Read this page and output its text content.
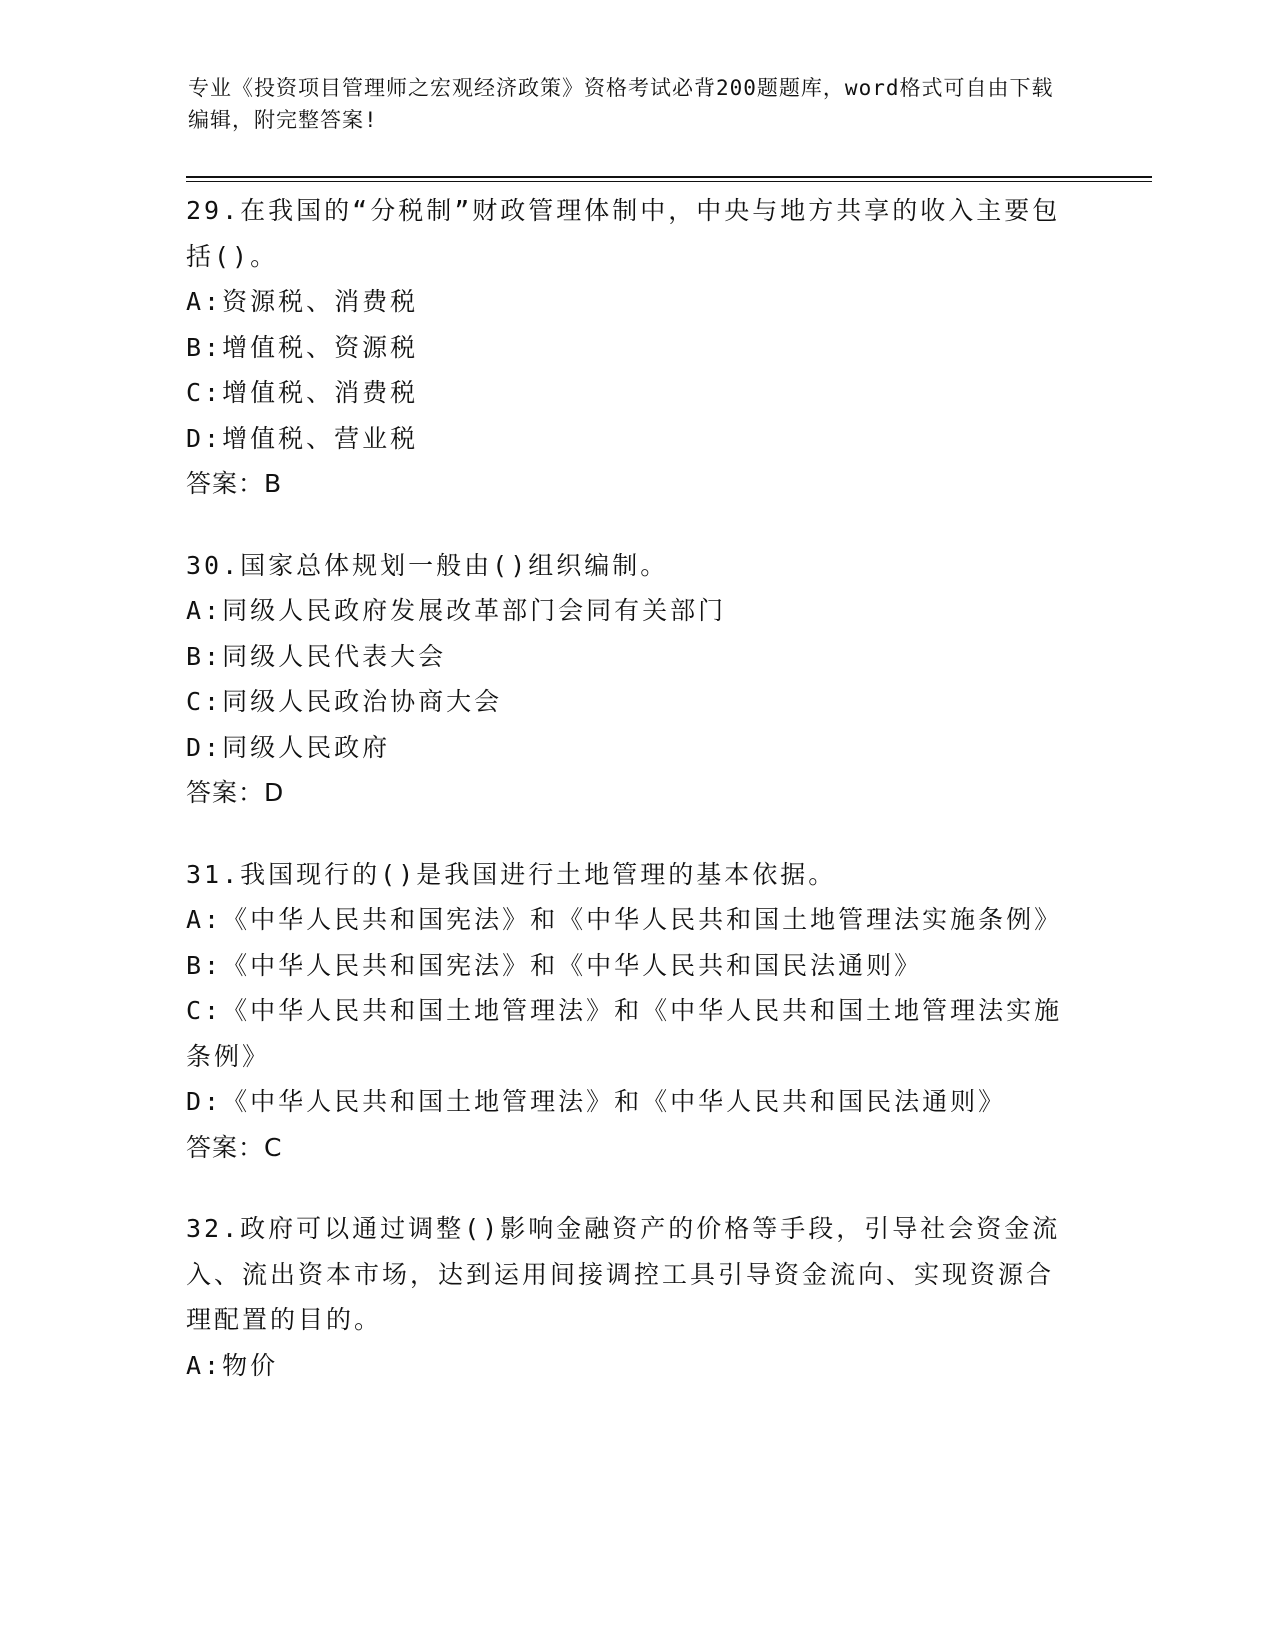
专业《投资项目管理师之宏观经济政策》资格考试必背200题题库，word格式可自由下载编辑，附完整答案!
29.在我国的“分税制”财政管理体制中，中央与地方共享的收入主要包括()。
A:资源税、消费税
B:增值税、资源税
C:增值税、消费税
D:增值税、营业税
答案：B
30.国家总体规划一般由()组织编制。
A:同级人民政府发展改革部门会同有关部门
B:同级人民代表大会
C:同级人民政治协商大会
D:同级人民政府
答案：D
31.我国现行的()是我国进行土地管理的基本依据。
A:《中华人民共和国宪法》和《中华人民共和国土地管理法实施条例》
B:《中华人民共和国宪法》和《中华人民共和国民法通则》
C:《中华人民共和国土地管理法》和《中华人民共和国土地管理法实施条例》
D:《中华人民共和国土地管理法》和《中华人民共和国民法通则》
答案：C
32.政府可以通过调整()影响金融资产的价格等手段，引导社会资金流入、流出资本市场，达到运用间接调控工具引导资金流向、实现资源合理配置的目的。
A:物价
